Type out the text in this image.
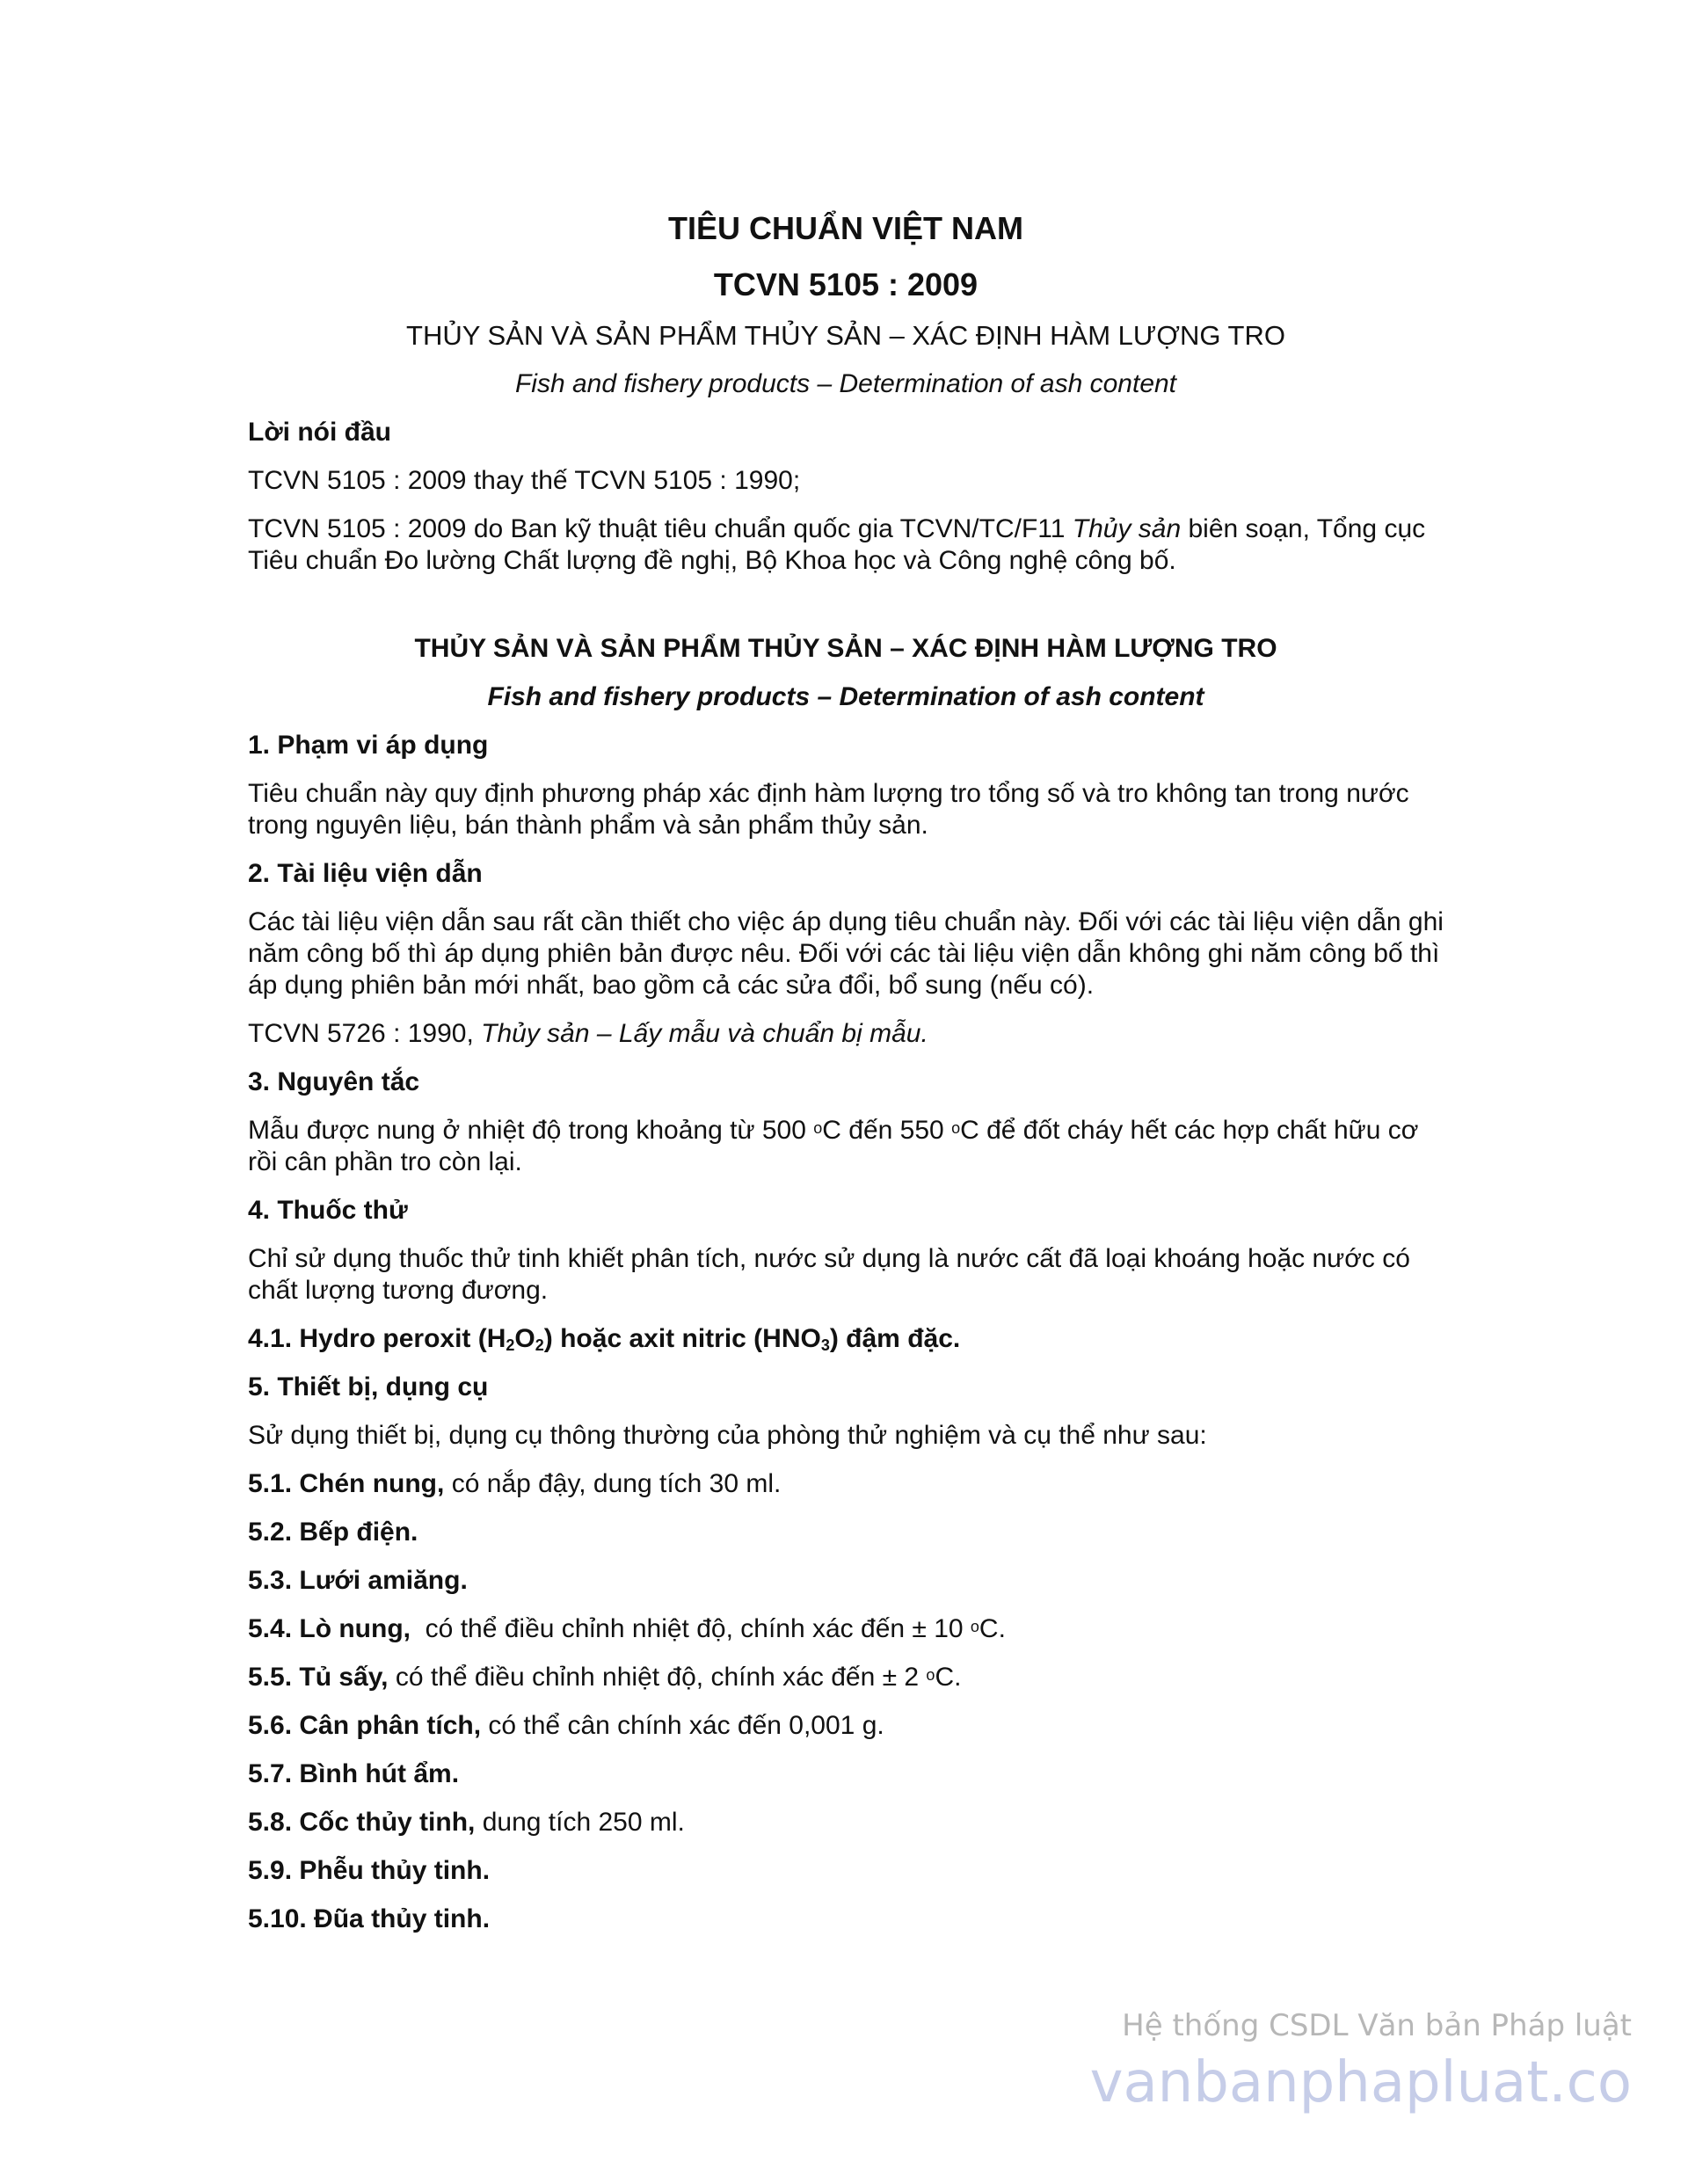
TIÊU CHUẨN VIỆT NAM
TCVN 5105 : 2009
THỦY SẢN VÀ SẢN PHẨM THỦY SẢN – XÁC ĐỊNH HÀM LƯỢNG TRO
Fish and fishery products – Determination of ash content
Lời nói đầu

TCVN 5105 : 2009 thay thế TCVN 5105 : 1990;

TCVN 5105 : 2009 do Ban kỹ thuật tiêu chuẩn quốc gia TCVN/TC/F11 Thủy sản biên soạn, Tổng cục Tiêu chuẩn Đo lường Chất lượng đề nghị, Bộ Khoa học và Công nghệ công bố.

THỦY SẢN VÀ SẢN PHẨM THỦY SẢN – XÁC ĐỊNH HÀM LƯỢNG TRO
Fish and fishery products – Determination of ash content
1. Phạm vi áp dụng

Tiêu chuẩn này quy định phương pháp xác định hàm lượng tro tổng số và tro không tan trong nước trong nguyên liệu, bán thành phẩm và sản phẩm thủy sản.

2. Tài liệu viện dẫn

Các tài liệu viện dẫn sau rất cần thiết cho việc áp dụng tiêu chuẩn này. Đối với các tài liệu viện dẫn ghi năm công bố thì áp dụng phiên bản được nêu. Đối với các tài liệu viện dẫn không ghi năm công bố thì áp dụng phiên bản mới nhất, bao gồm cả các sửa đổi, bổ sung (nếu có).

TCVN 5726 : 1990, Thủy sản – Lấy mẫu và chuẩn bị mẫu.

3. Nguyên tắc

Mẫu được nung ở nhiệt độ trong khoảng từ 500 $^o$C đến 550 $^o$C để đốt cháy hết các hợp chất hữu cơ rồi cân phần tro còn lại.

4. Thuốc thử

Chỉ sử dụng thuốc thử tinh khiết phân tích, nước sử dụng là nước cất đã loại khoáng hoặc nước có chất lượng tương đương.

4.1. Hydro peroxit $(H_2O_2)$ hoặc axit nitric $(HNO_3)$ đậm đặc.

5. Thiết bị, dụng cụ

Sử dụng thiết bị, dụng cụ thông thường của phòng thử nghiệm và cụ thể như sau:

5.1. Chén nung, có nắp đậy, dung tích 30 ml.

5.2. Bếp điện.

5.3. Lưới amiăng.

5.4. Lò nung,  có thể điều chỉnh nhiệt độ, chính xác đến ± 10 $^o$C.

5.5. Tủ sấy, có thể điều chỉnh nhiệt độ, chính xác đến ± 2 $^o$C.

5.6. Cân phân tích, có thể cân chính xác đến 0,001 g.

5.7. Bình hút ẩm.

5.8. Cốc thủy tinh, dung tích 250 ml.

5.9. Phễu thủy tinh.

5.10. Đũa thủy tinh.

Hệ thống CSDL Văn bản Pháp luật
vanbanphapluat.co
